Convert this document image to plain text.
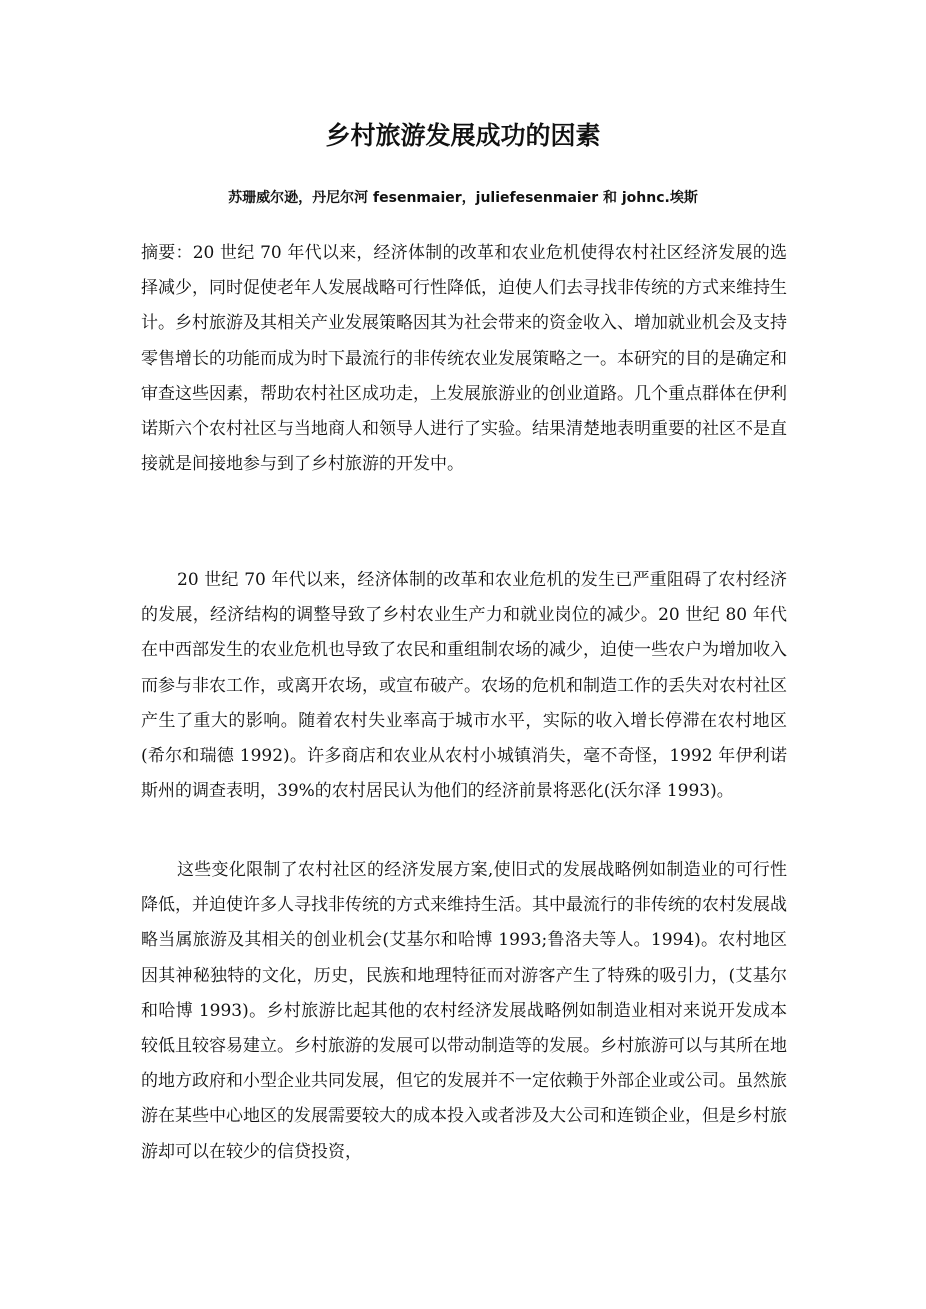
乡村旅游发展成功的因素

苏珊威尔逊，丹尼尔河 fesenmaier，juliefesenmaier 和 johnc.埃斯

摘要：20 世纪 70 年代以来，经济体制的改革和农业危机使得农村社区经济发展的选择减少，同时促使老年人发展战略可行性降低，迫使人们去寻找非传统的方式来维持生计。乡村旅游及其相关产业发展策略因其为社会带来的资金收入、增加就业机会及支持零售增长的功能而成为时下最流行的非传统农业发展策略之一。本研究的目的是确定和审查这些因素，帮助农村社区成功走，上发展旅游业的创业道路。几个重点群体在伊利诺斯六个农村社区与当地商人和领导人进行了实验。结果清楚地表明重要的社区不是直接就是间接地参与到了乡村旅游的开发中。

20 世纪 70 年代以来，经济体制的改革和农业危机的发生已严重阻碍了农村经济的发展，经济结构的调整导致了乡村农业生产力和就业岗位的减少。20 世纪 80 年代在中西部发生的农业危机也导致了农民和重组制农场的减少，迫使一些农户为增加收入而参与非农工作，或离开农场，或宣布破产。农场的危机和制造工作的丢失对农村社区产生了重大的影响。随着农村失业率高于城市水平，实际的收入增长停滞在农村地区(希尔和瑞德 1992)。许多商店和农业从农村小城镇消失，毫不奇怪，1992 年伊利诺斯州的调查表明，39%的农村居民认为他们的经济前景将恶化(沃尔泽 1993)。

这些变化限制了农村社区的经济发展方案,使旧式的发展战略例如制造业的可行性降低，并迫使许多人寻找非传统的方式来维持生活。其中最流行的非传统的农村发展战略当属旅游及其相关的创业机会(艾基尔和哈博 1993;鲁洛夫等人。1994)。农村地区因其神秘独特的文化，历史，民族和地理特征而对游客产生了特殊的吸引力，(艾基尔和哈博 1993)。乡村旅游比起其他的农村经济发展战略例如制造业相对来说开发成本较低且较容易建立。乡村旅游的发展可以带动制造等的发展。乡村旅游可以与其所在地的地方政府和小型企业共同发展，但它的发展并不一定依赖于外部企业或公司。虽然旅游在某些中心地区的发展需要较大的成本投入或者涉及大公司和连锁企业，但是乡村旅游却可以在较少的信贷投资，
